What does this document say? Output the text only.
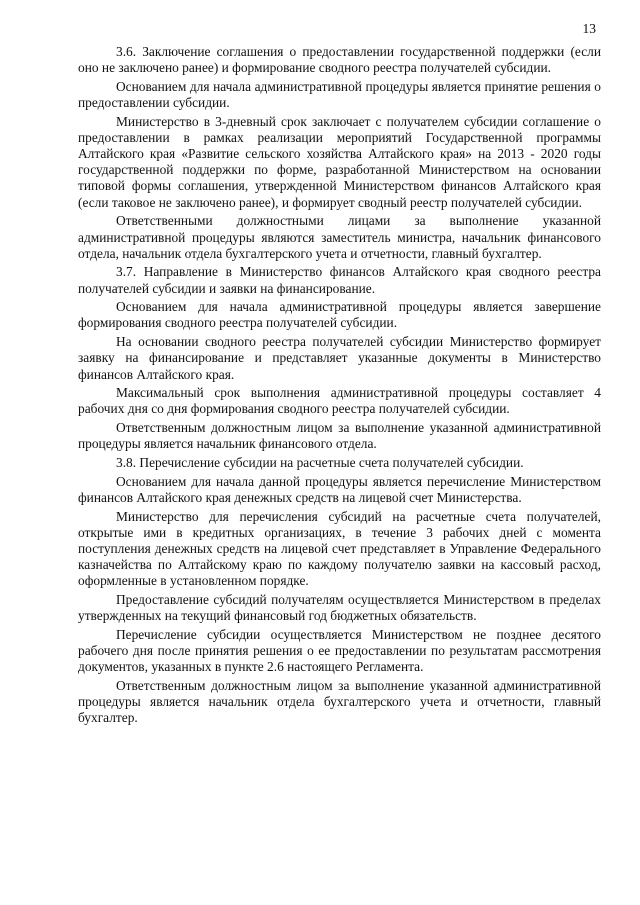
13

3.6. Заключение соглашения о предоставлении государственной поддержки (если оно не заключено ранее) и формирование сводного реестра получателей субсидии.

Основанием для начала административной процедуры является принятие решения о предоставлении субсидии.

Министерство в 3-дневный срок заключает с получателем субсидии соглашение о предоставлении в рамках реализации мероприятий Государственной программы Алтайского края «Развитие сельского хозяйства Алтайского края» на 2013 - 2020 годы государственной поддержки по форме, разработанной Министерством на основании типовой формы соглашения, утвержденной Министерством финансов Алтайского края (если таковое не заключено ранее), и формирует сводный реестр получателей субсидии.

Ответственными должностными лицами за выполнение указанной административной процедуры являются заместитель министра, начальник финансового отдела, начальник отдела бухгалтерского учета и отчетности, главный бухгалтер.

3.7. Направление в Министерство финансов Алтайского края сводного реестра получателей субсидии и заявки на финансирование.

Основанием для начала административной процедуры является завершение формирования сводного реестра получателей субсидии.

На основании сводного реестра получателей субсидии Министерство формирует заявку на финансирование и представляет указанные документы в Министерство финансов Алтайского края.

Максимальный срок выполнения административной процедуры составляет 4 рабочих дня со дня формирования сводного реестра получателей субсидии.

Ответственным должностным лицом за выполнение указанной административной процедуры является начальник финансового отдела.

3.8. Перечисление субсидии на расчетные счета получателей субсидии.

Основанием для начала данной процедуры является перечисление Министерством финансов Алтайского края денежных средств на лицевой счет Министерства.

Министерство для перечисления субсидий на расчетные счета получателей, открытые ими в кредитных организациях, в течение 3 рабочих дней с момента поступления денежных средств на лицевой счет представляет в Управление Федерального казначейства по Алтайскому краю по каждому получателю заявки на кассовый расход, оформленные в установленном порядке.

Предоставление субсидий получателям осуществляется Министерством в пределах утвержденных на текущий финансовый год бюджетных обязательств.

Перечисление субсидии осуществляется Министерством не позднее десятого рабочего дня после принятия решения о ее предоставлении по результатам рассмотрения документов, указанных в пункте 2.6 настоящего Регламента.

Ответственным должностным лицом за выполнение указанной административной процедуры является начальник отдела бухгалтерского учета и отчетности, главный бухгалтер.
